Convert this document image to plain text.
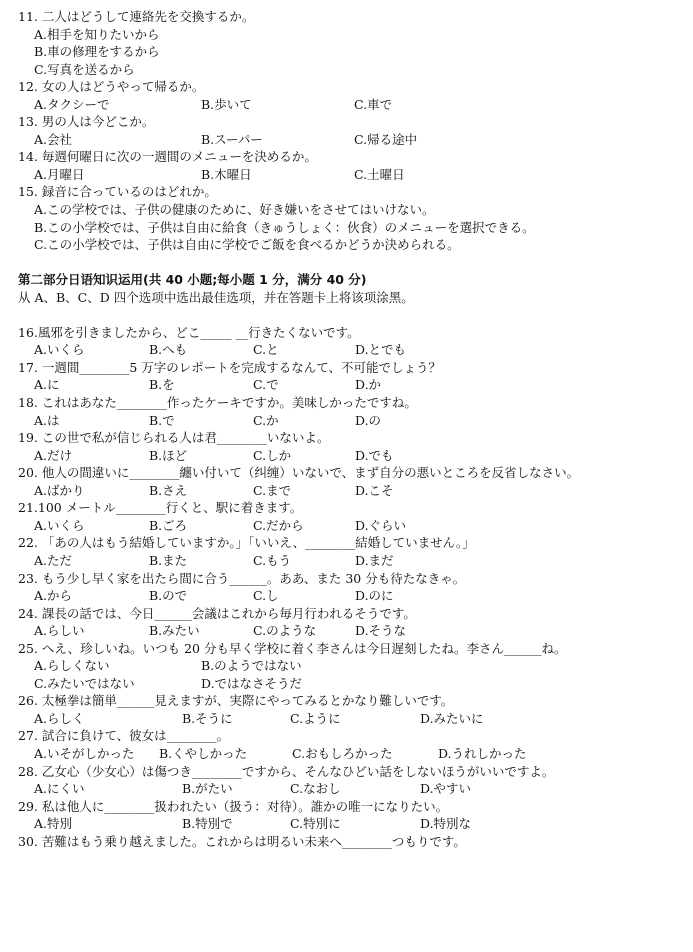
11. 二人はどうして連絡先を交換するか。
A.相手を知りたいから
B.車の修理をするから
C.写真を送るから
12. 女の人はどうやって帰るか。
A.タクシーで	B.歩いて	C.車で
13. 男の人は今どこか。
A.会社	B.スーパー	C.帰る途中
14. 毎週何曜日に次の一週間のメニューを決めるか。
A.月曜日	B.木曜日	C.土曜日
15. 録音に合っているのはどれか。
A.この学校では、子供の健康のために、好き嫌いをさせてはいけない。
B.この小学校では、子供は自由に給食（きゅうしょく：伙食）のメニューを選択できる。
C.この小学校では、子供は自由に学校でご飯を食べるかどうか決められる。
第二部分日语知识运用(共 40 小题;每小题 1 分，满分 40 分)
从 A、B、C、D 四个选项中选出最佳选项，并在答题卡上将该项涂黑。
16.風邪を引きましたから、どこ_____ __行きたくないです。
A.いくら	B.へも	C.と	D.とでも
17. 一週間________5 万字のレポートを完成するなんて、不可能でしょう？
A.に	B.を	C.で	D.か
18. これはあなた________作ったケーキですか。美味しかったですね。
A.は	B.で	C.か	D.の
19. この世で私が信じられる人は君________いないよ。
A.だけ	B.ほど	C.しか	D.でも
20. 他人の間違いに________纏い付いて（纠缠）いないで、まず自分の悪いところを反省しなさい。
A.ばかり	B.さえ	C.まで	D.こそ
21.100 メートル________行くと、駅に着きます。
A.いくら	B.ごろ	C.だから	D.ぐらい
22. 「あの人はもう結婚していますか。」「いいえ、________結婚していません。」
A.ただ	B.また	C.もう	D.まだ
23. もう少し早く家を出たら間に合う______。ああ、また 30 分も待たなきゃ。
A.から	B.ので	C.し	D.のに
24. 課長の話では、今日______会議はこれから毎月行われるそうです。
A.らしい	B.みたい	C.のような	D.そうな
25. へえ、珍しいね。いつも 20 分も早く学校に着く李さんは今日遅刻したね。李さん______ね。
A.らしくない	B.のようではない
C.みたいではない	D.ではなさそうだ
26. 太極拳は簡単______見えますが、実際にやってみるとかなり難しいです。
A.らしく	B.そうに	C.ように	D.みたいに
27. 試合に負けて、彼女は________。
A.いそがしかった B.くやしかった	C.おもしろかった	D.うれしかった
28. 乙女心（少女心）は傷つき________ですから、そんなひどい話をしないほうがいいですよ。
A.にくい	B.がたい	C.なおし	D.やすい
29. 私は他人に________扱われたい（扱う：对待）。誰かの唯一になりたい。
A.特別	B.特別で	C.特別に	D.特別な
30. 苦難はもう乗り越えました。これからは明るい未来へ________つもりです。
